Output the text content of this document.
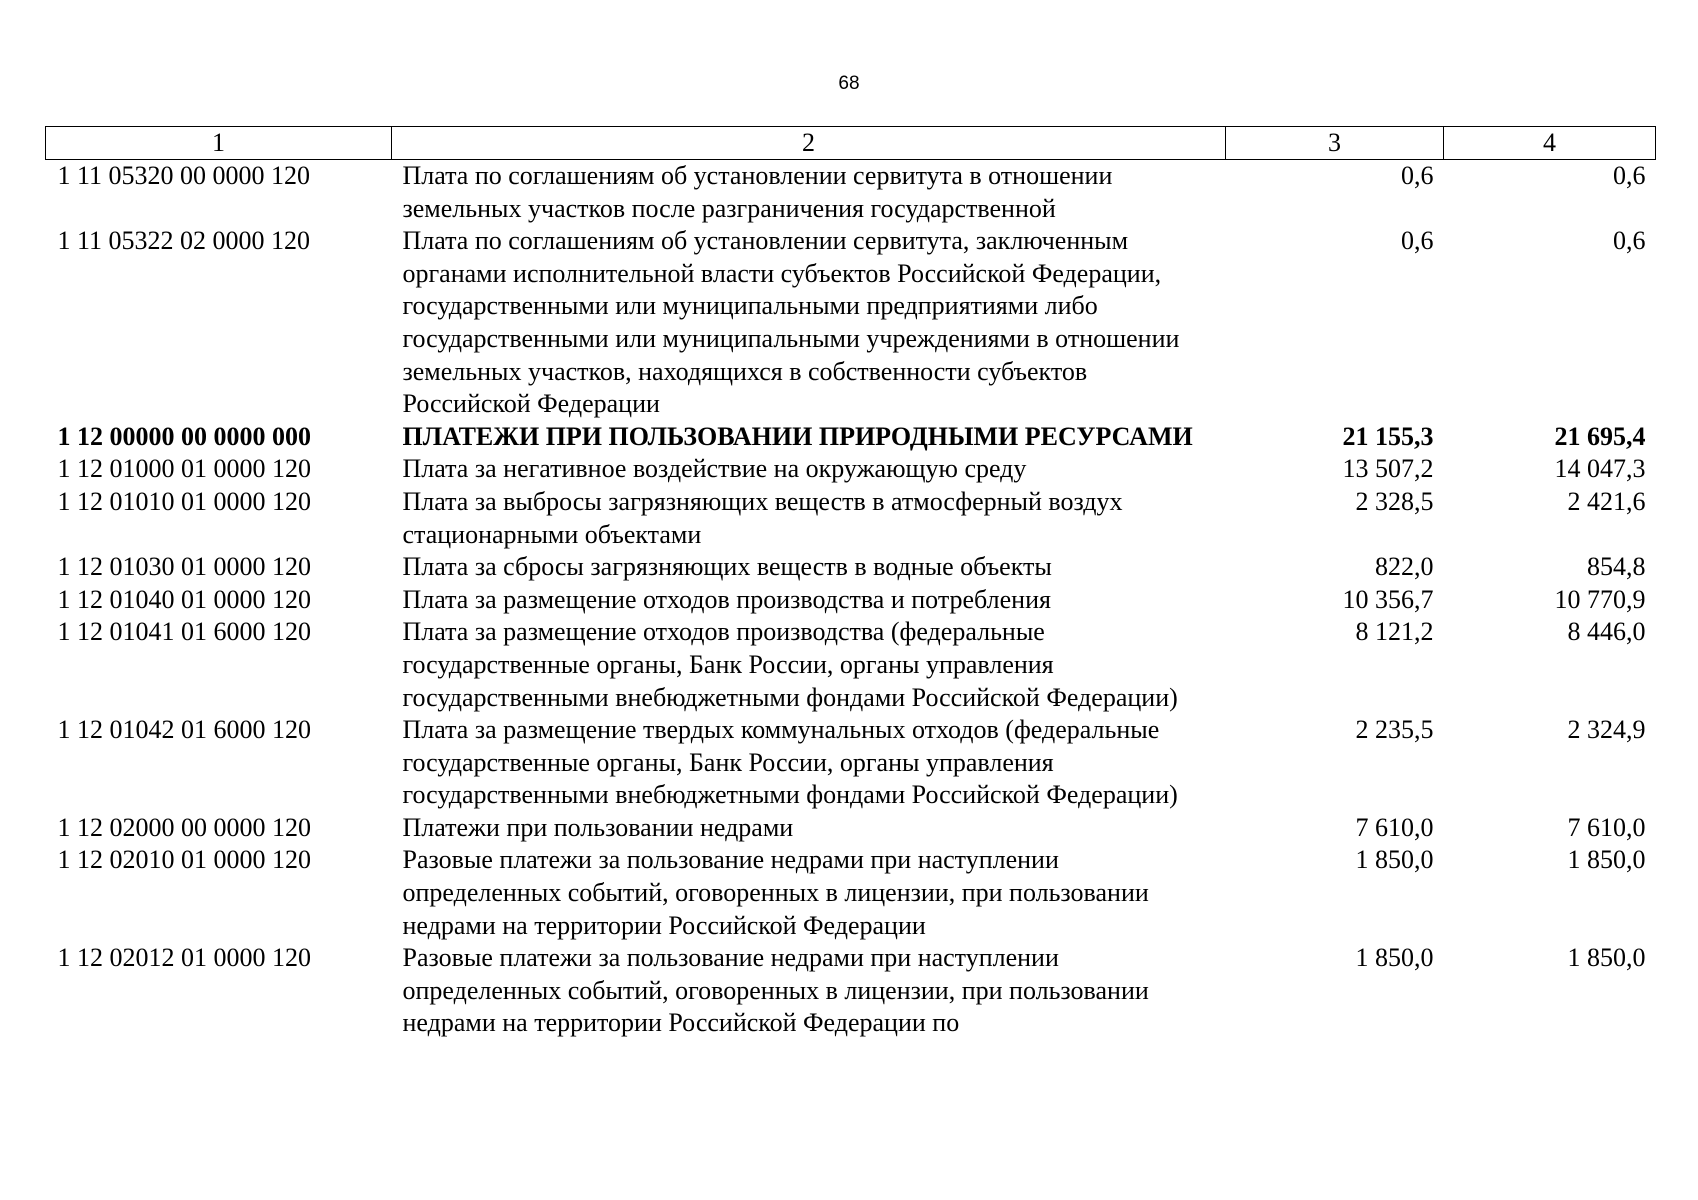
68
1	2	3	4
1 11 05320 00 0000 120	Плата по соглашениям об установлении сервитута в отношении земельных участков после разграничения государственной	0,6	0,6
1 11 05322 02 0000 120	Плата по соглашениям об установлении сервитута, заключенным органами исполнительной власти субъектов Российской Федерации, государственными или муниципальными предприятиями либо государственными или муниципальными учреждениями в отношении земельных участков, находящихся в собственности субъектов Российской Федерации	0,6	0,6
1 12 00000 00 0000 000	ПЛАТЕЖИ ПРИ ПОЛЬЗОВАНИИ ПРИРОДНЫМИ РЕСУРСАМИ	21 155,3	21 695,4
1 12 01000 01 0000 120	Плата за негативное воздействие на окружающую среду	13 507,2	14 047,3
1 12 01010 01 0000 120	Плата за выбросы загрязняющих веществ в атмосферный воздух стационарными объектами	2 328,5	2 421,6
1 12 01030 01 0000 120	Плата за сбросы загрязняющих веществ в водные объекты	822,0	854,8
1 12 01040 01 0000 120	Плата за размещение отходов производства и потребления	10 356,7	10 770,9
1 12 01041 01 6000 120	Плата за размещение отходов производства (федеральные государственные органы, Банк России, органы управления государственными внебюджетными фондами Российской Федерации)	8 121,2	8 446,0
1 12 01042 01 6000 120	Плата за размещение твердых коммунальных отходов (федеральные государственные органы, Банк России, органы управления государственными внебюджетными фондами Российской Федерации)	2 235,5	2 324,9
1 12 02000 00 0000 120	Платежи при пользовании недрами	7 610,0	7 610,0
1 12 02010 01 0000 120	Разовые платежи за пользование недрами при наступлении определенных событий, оговоренных в лицензии, при пользовании недрами на территории Российской Федерации	1 850,0	1 850,0
1 12 02012 01 0000 120	Разовые платежи за пользование недрами при наступлении определенных событий, оговоренных в лицензии, при пользовании недрами на территории Российской Федерации по	1 850,0	1 850,0
